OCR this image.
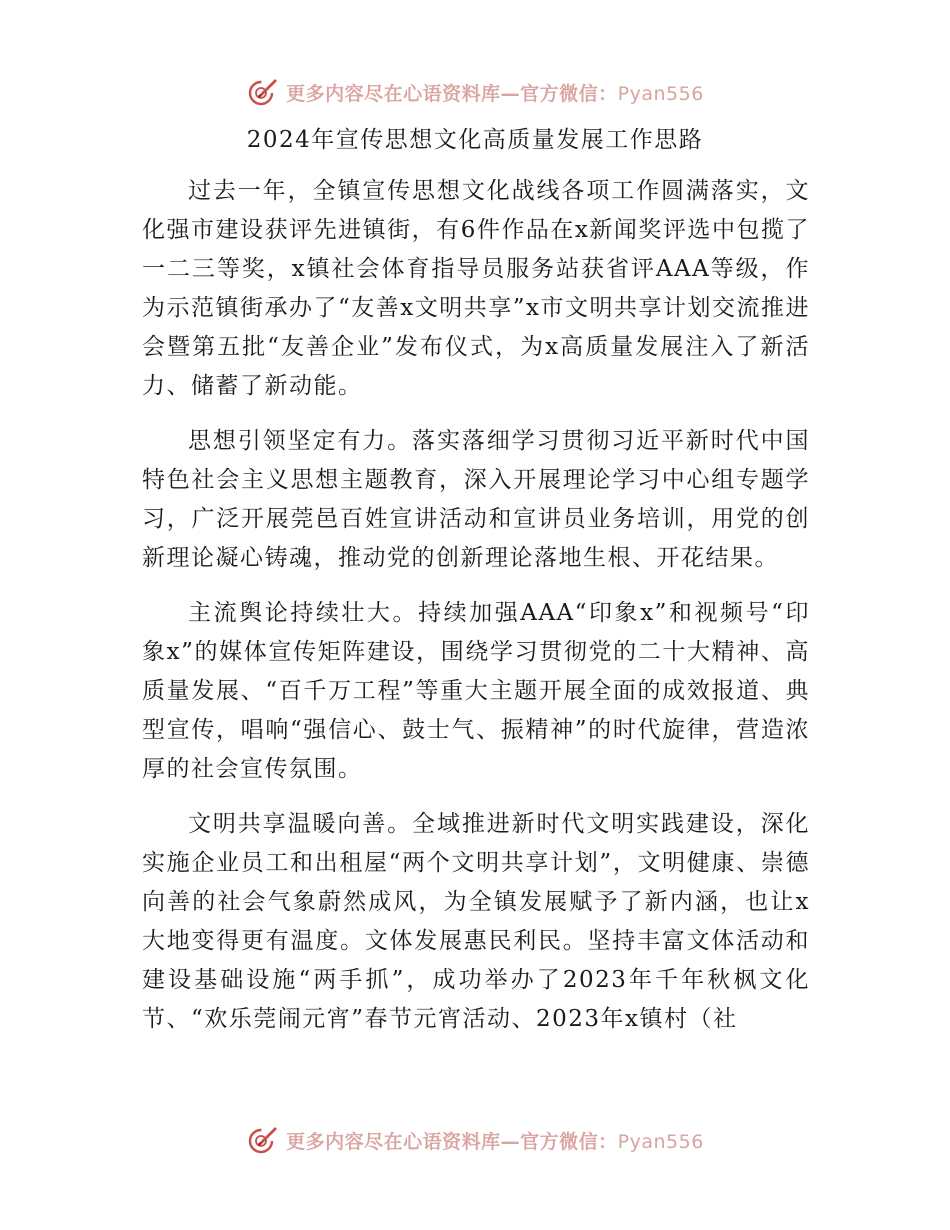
更多内容尽在心语资料库—官方微信：Pyan556
2024年宣传思想文化高质量发展工作思路

过去一年，全镇宣传思想文化战线各项工作圆满落实，文化强市建设获评先进镇街，有6件作品在x新闻奖评选中包揽了一二三等奖，x镇社会体育指导员服务站获省评AAA等级，作为示范镇街承办了“友善x文明共享”x市文明共享计划交流推进会暨第五批“友善企业”发布仪式，为x高质量发展注入了新活力、储蓄了新动能。

思想引领坚定有力。落实落细学习贯彻习近平新时代中国特色社会主义思想主题教育，深入开展理论学习中心组专题学习，广泛开展莞邑百姓宣讲活动和宣讲员业务培训，用党的创新理论凝心铸魂，推动党的创新理论落地生根、开花结果。

主流舆论持续壮大。持续加强AAA“印象x”和视频号“印象x”的媒体宣传矩阵建设，围绕学习贯彻党的二十大精神、高质量发展、“百千万工程”等重大主题开展全面的成效报道、典型宣传，唱响“强信心、鼓士气、振精神”的时代旋律，营造浓厚的社会宣传氛围。

文明共享温暖向善。全域推进新时代文明实践建设，深化实施企业员工和出租屋“两个文明共享计划”，文明健康、崇德向善的社会气象蔚然成风，为全镇发展赋予了新内涵，也让x大地变得更有温度。文体发展惠民利民。坚持丰富文体活动和建设基础设施“两手抓”，成功举办了2023年千年秋枫文化节、“欢乐莞闹元宵”春节元宵活动、2023年x镇村（社

更多内容尽在心语资料库—官方微信：Pyan556
